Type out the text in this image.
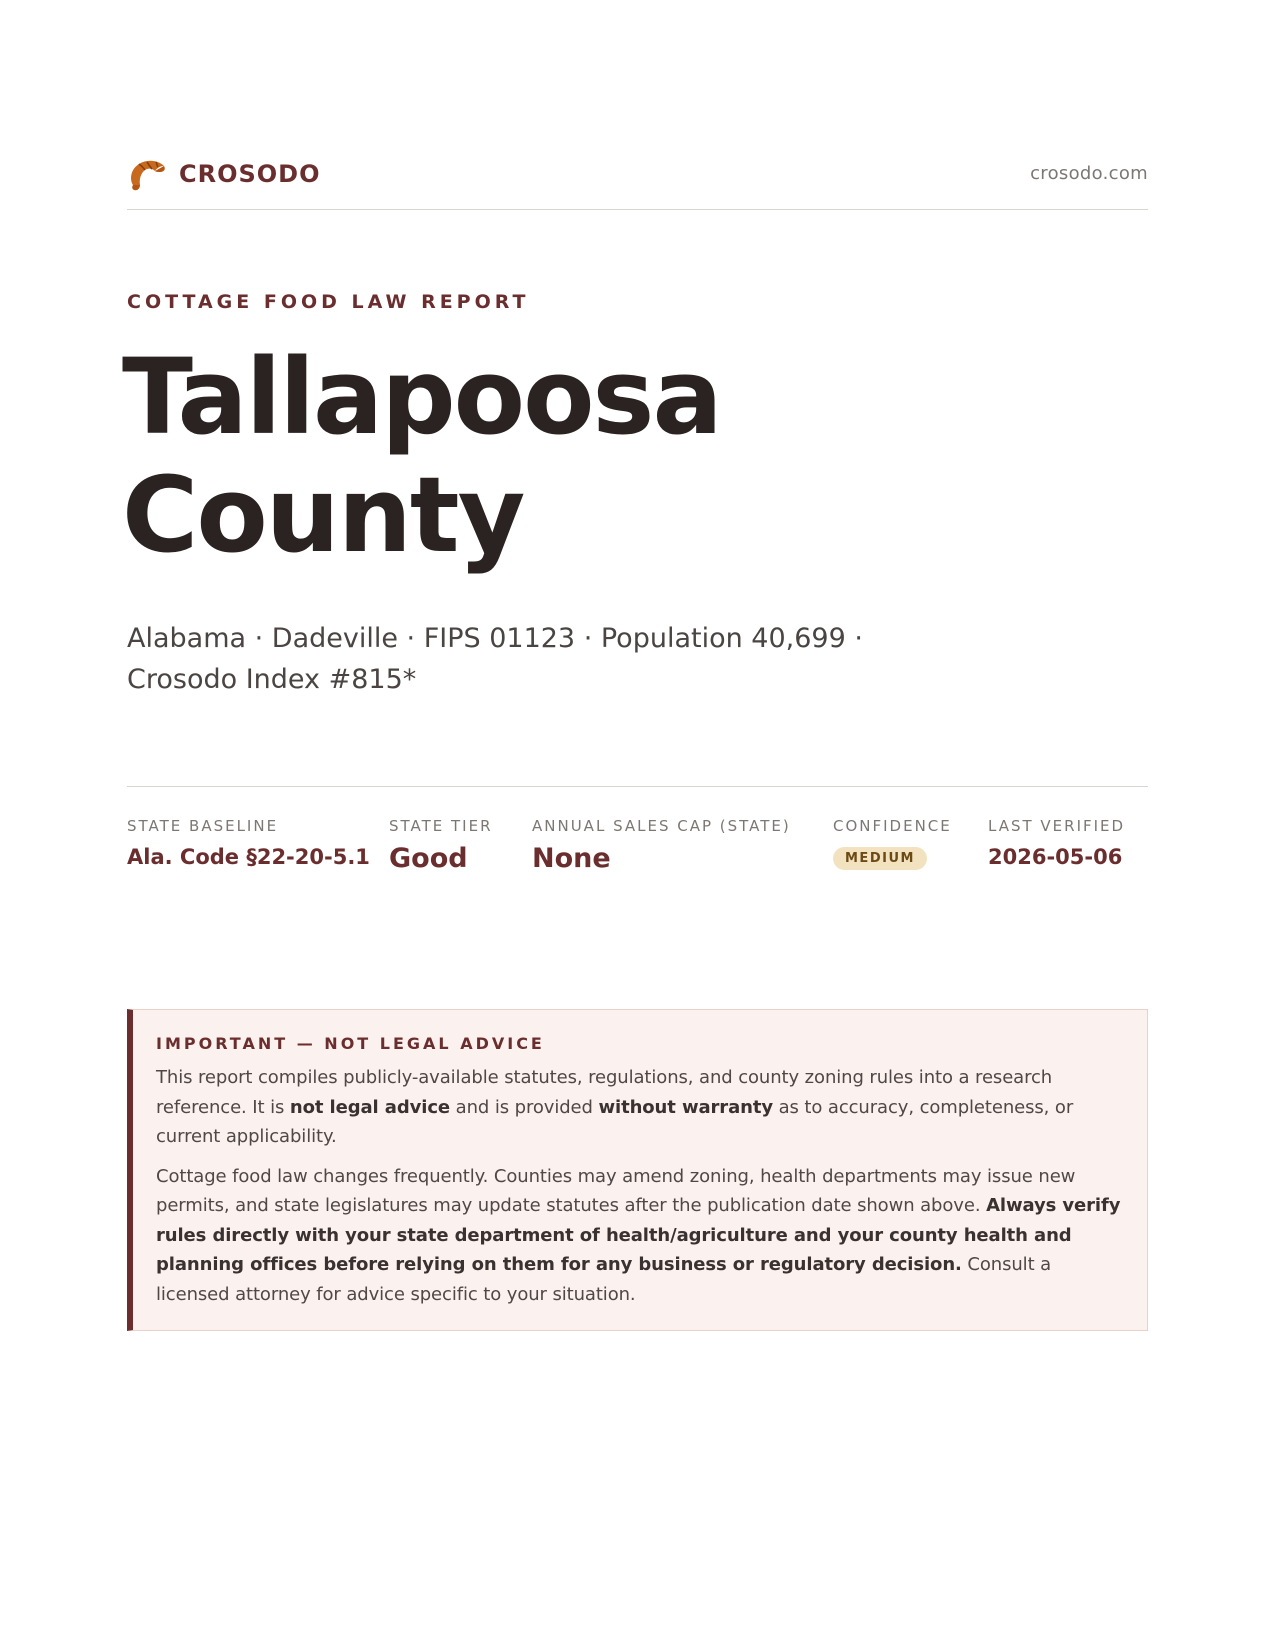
CROSODO	crosodo.com
COTTAGE FOOD LAW REPORT
Tallapoosa
County
Alabama · Dadeville · FIPS 01123 · Population 40,699 ·
Crosodo Index #815*
STATE BASELINE
Ala. Code §22-20-5.1
STATE TIER
Good
ANNUAL SALES CAP (STATE)
None
CONFIDENCE
MEDIUM
LAST VERIFIED
2026-05-06
IMPORTANT — NOT LEGAL ADVICE

This report compiles publicly-available statutes, regulations, and county zoning rules into a research reference. It is not legal advice and is provided without warranty as to accuracy, completeness, or current applicability.

Cottage food law changes frequently. Counties may amend zoning, health departments may issue new permits, and state legislatures may update statutes after the publication date shown above. Always verify rules directly with your state department of health/agriculture and your county health and planning offices before relying on them for any business or regulatory decision. Consult a licensed attorney for advice specific to your situation.
